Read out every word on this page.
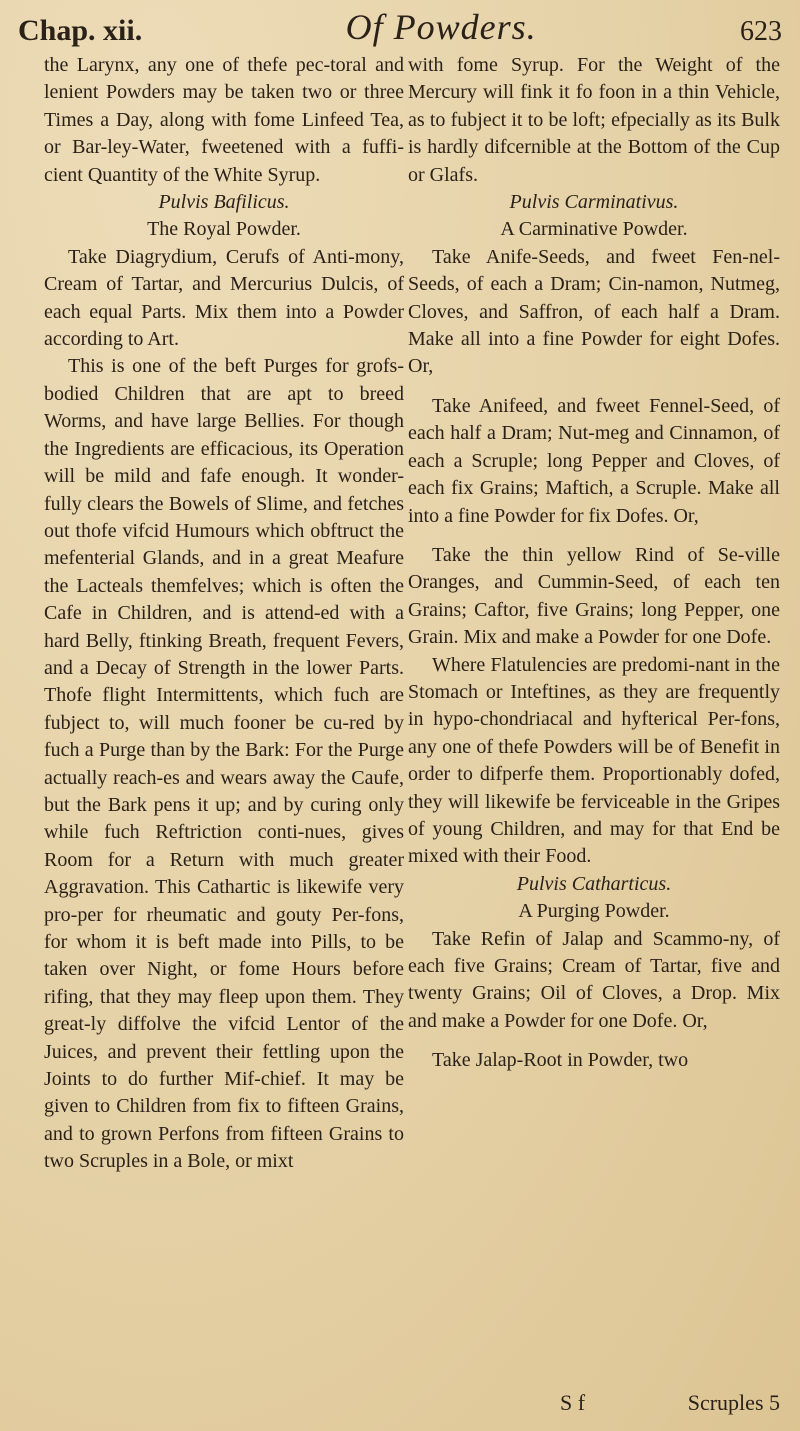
Chap. xii.	Of Powders.	623

the Larynx, any one of thefe pec-toral and lenient Powders may be taken two or three Times a Day, along with fome Linfeed Tea, or Bar-ley-Water, fweetened with a fuffi-cient Quantity of the White Syrup.

Pulvis Bafilicus.

The Royal Powder.

Take Diagrydium, Cerufs of Anti-mony, Cream of Tartar, and Mercurius Dulcis, of each equal Parts. Mix them into a Powder according to Art.

This is one of the beft Purges for grofs-bodied Children that are apt to breed Worms, and have large Bellies. For though the Ingredients are efficacious, its Operation will be mild and fafe enough. It wonder-fully clears the Bowels of Slime, and fetches out thofe vifcid Humours which obftruct the mefenterial Glands, and in a great Meafure the Lacteals themfelves; which is often the Cafe in Children, and is attend-ed with a hard Belly, ftinking Breath, frequent Fevers, and a Decay of Strength in the lower Parts. Thofe flight Intermittents, which fuch are fubject to, will much fooner be cu-red by fuch a Purge than by the Bark: For the Purge actually reach-es and wears away the Caufe, but the Bark pens it up; and by curing only while fuch Reftriction conti-nues, gives Room for a Return with much greater Aggravation. This Cathartic is likewife very pro-per for rheumatic and gouty Per-fons, for whom it is beft made into Pills, to be taken over Night, or fome Hours before rifing, that they may fleep upon them. They great-ly diffolve the vifcid Lentor of the Juices, and prevent their fettling upon the Joints to do further Mif-chief. It may be given to Children from fix to fifteen Grains, and to grown Perfons from fifteen Grains to two Scruples in a Bole, or mixt

with fome Syrup. For the Weight of the Mercury will fink it fo foon in a thin Vehicle, as to fubject it to be loft; efpecially as its Bulk is hardly difcernible at the Bottom of the Cup or Glafs.

Pulvis Carminativus.

A Carminative Powder.

Take Anife-Seeds, and fweet Fen-nel-Seeds, of each a Dram; Cin-namon, Nutmeg, Cloves, and Saffron, of each half a Dram. Make all into a fine Powder for eight Dofes. Or,

Take Anifeed, and fweet Fennel-Seed, of each half a Dram; Nut-meg and Cinnamon, of each a Scruple; long Pepper and Cloves, of each fix Grains; Maftich, a Scruple. Make all into a fine Powder for fix Dofes. Or,

Take the thin yellow Rind of Se-ville Oranges, and Cummin-Seed, of each ten Grains; Caftor, five Grains; long Pepper, one Grain. Mix and make a Powder for one Dofe.

Where Flatulencies are predomi-nant in the Stomach or Inteftines, as they are frequently in hypo-chondriacal and hyfterical Per-fons, any one of thefe Powders will be of Benefit in order to difperfe them. Proportionably dofed, they will likewife be ferviceable in the Gripes of young Children, and may for that End be mixed with their Food.

Pulvis Catharticus.

A Purging Powder.

Take Refin of Jalap and Scammo-ny, of each five Grains; Cream of Tartar, five and twenty Grains; Oil of Cloves, a Drop. Mix and make a Powder for one Dofe. Or,

Take Jalap-Root in Powder, two

S f	Scruples 5
